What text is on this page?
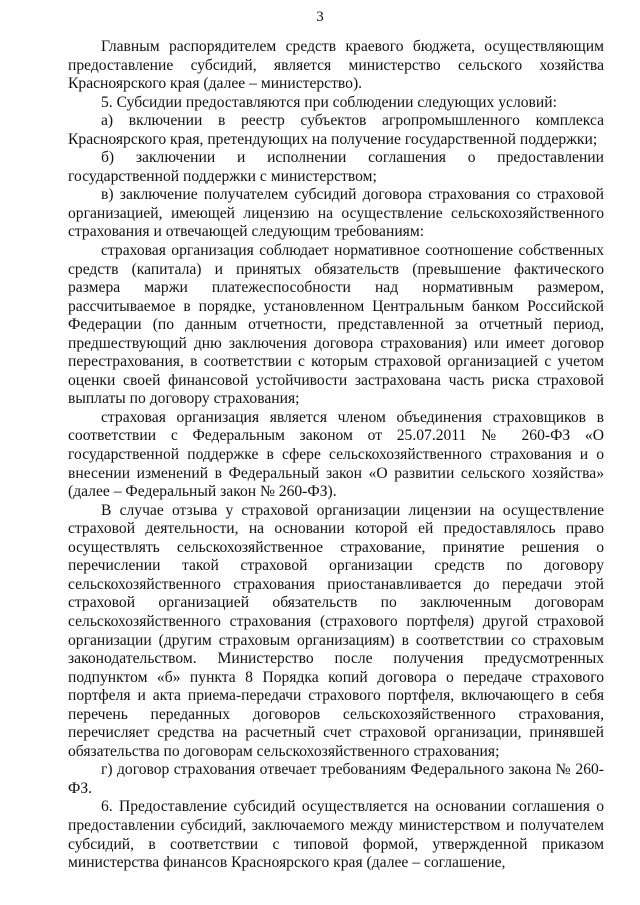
3

Главным распорядителем средств краевого бюджета, осуществляющим предоставление субсидий, является министерство сельского хозяйства Красноярского края (далее – министерство).

5. Субсидии предоставляются при соблюдении следующих условий:

а) включении в реестр субъектов агропромышленного комплекса Красноярского края, претендующих на получение государственной поддержки;

б) заключении и исполнении соглашения о предоставлении государственной поддержки с министерством;

в) заключение получателем субсидий договора страхования со страховой организацией, имеющей лицензию на осуществление сельскохозяйственного страхования и отвечающей следующим требованиям:

страховая организация соблюдает нормативное соотношение собственных средств (капитала) и принятых обязательств (превышение фактического размера маржи платежеспособности над нормативным размером, рассчитываемое в порядке, установленном Центральным банком Российской Федерации (по данным отчетности, представленной за отчетный период, предшествующий дню заключения договора страхования) или имеет договор перестрахования, в соответствии с которым страховой организацией с учетом оценки своей финансовой устойчивости застрахована часть риска страховой выплаты по договору страхования;

страховая организация является членом объединения страховщиков в соответствии с Федеральным законом от 25.07.2011 № 260-ФЗ «О государственной поддержке в сфере сельскохозяйственного страхования и о внесении изменений в Федеральный закон «О развитии сельского хозяйства» (далее – Федеральный закон № 260-ФЗ).

В случае отзыва у страховой организации лицензии на осуществление страховой деятельности, на основании которой ей предоставлялось право осуществлять сельскохозяйственное страхование, принятие решения о перечислении такой страховой организации средств по договору сельскохозяйственного страхования приостанавливается до передачи этой страховой организацией обязательств по заключенным договорам сельскохозяйственного страхования (страхового портфеля) другой страховой организации (другим страховым организациям) в соответствии со страховым законодательством. Министерство после получения предусмотренных подпунктом «б» пункта 8 Порядка копий договора о передаче страхового портфеля и акта приема-передачи страхового портфеля, включающего в себя перечень переданных договоров сельскохозяйственного страхования, перечисляет средства на расчетный счет страховой организации, принявшей обязательства по договорам сельскохозяйственного страхования;

г) договор страхования отвечает требованиям Федерального закона № 260-ФЗ.

6. Предоставление субсидий осуществляется на основании соглашения о предоставлении субсидий, заключаемого между министерством и получателем субсидий, в соответствии с типовой формой, утвержденной приказом министерства финансов Красноярского края (далее – соглашение,
